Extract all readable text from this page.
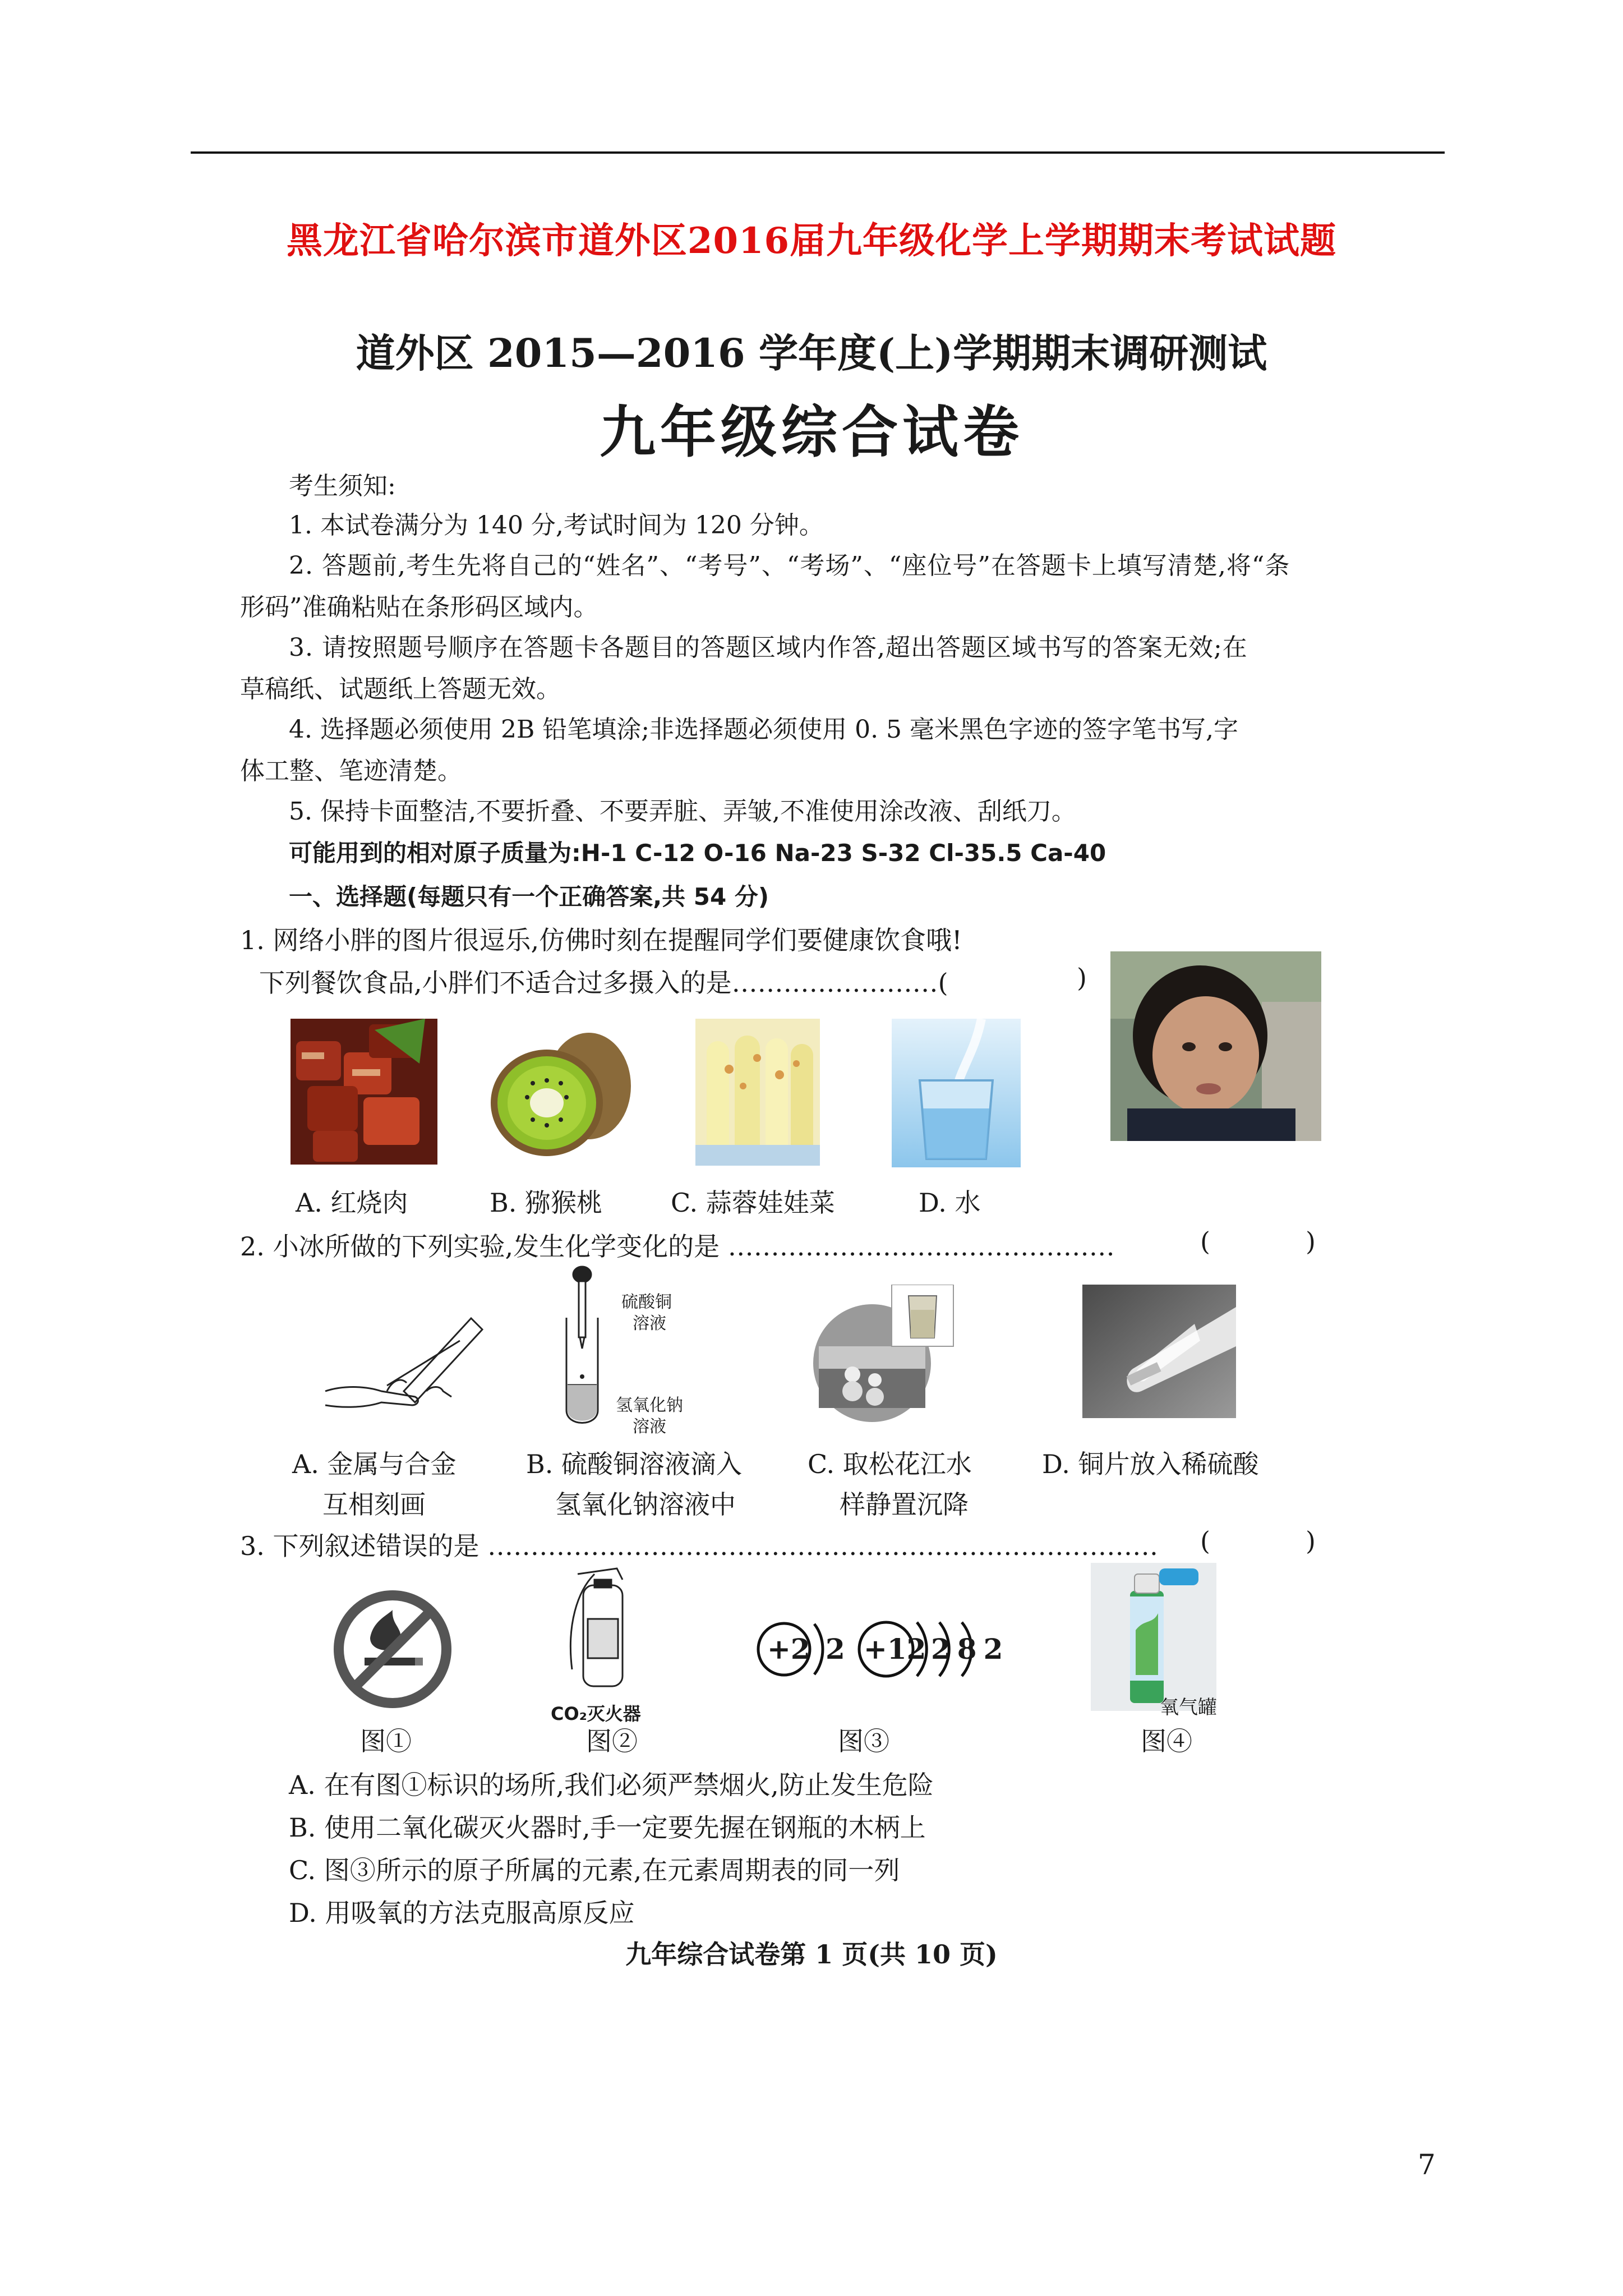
黑龙江省哈尔滨市道外区2016届九年级化学上学期期末考试试题
道外区 2015—2016 学年度(上)学期期末调研测试
九年级综合试卷
考生须知:
1. 本试卷满分为 140 分,考试时间为 120 分钟。
2. 答题前,考生先将自己的“姓名”、“考号”、“考场”、“座位号”在答题卡上填写清楚,将“条
形码”准确粘贴在条形码区域内。
3. 请按照题号顺序在答题卡各题目的答题区域内作答,超出答题区域书写的答案无效;在
草稿纸、试题纸上答题无效。
4. 选择题必须使用 2B 铅笔填涂;非选择题必须使用 0. 5 毫米黑色字迹的签字笔书写,字
体工整、笔迹清楚。
5. 保持卡面整洁,不要折叠、不要弄脏、弄皱,不准使用涂改液、刮纸刀。
可能用到的相对原子质量为:H-1 C-12 O-16 Na-23 S-32 Cl-35.5 Ca-40
一、选择题(每题只有一个正确答案,共 54 分)
1. 网络小胖的图片很逗乐,仿佛时刻在提醒同学们要健康饮食哦!
下列餐饮食品,小胖们不适合过多摄入的是……………………(	)
A. 红烧肉	B. 猕猴桃	C. 蒜蓉娃娃菜	D. 水
2. 小冰所做的下列实验,发生化学变化的是 ………………………………………	(	)
硫酸铜
溶液
氢氧化钠
溶液
A. 金属与合金
互相刻画
B. 硫酸铜溶液滴入
氢氧化钠溶液中
C. 取松花江水
样静置沉降
D. 铜片放入稀硫酸
3. 下列叙述错误的是 …………………………………………………………………… (	)
CO₂灭火器
+2 2 +12 282
氧气罐
图①	图②	图③	图④
A. 在有图①标识的场所,我们必须严禁烟火,防止发生危险
B. 使用二氧化碳灭火器时,手一定要先握在钢瓶的木柄上
C. 图③所示的原子所属的元素,在元素周期表的同一列
D. 用吸氧的方法克服高原反应
九年综合试卷第 1 页(共 10 页)
7
